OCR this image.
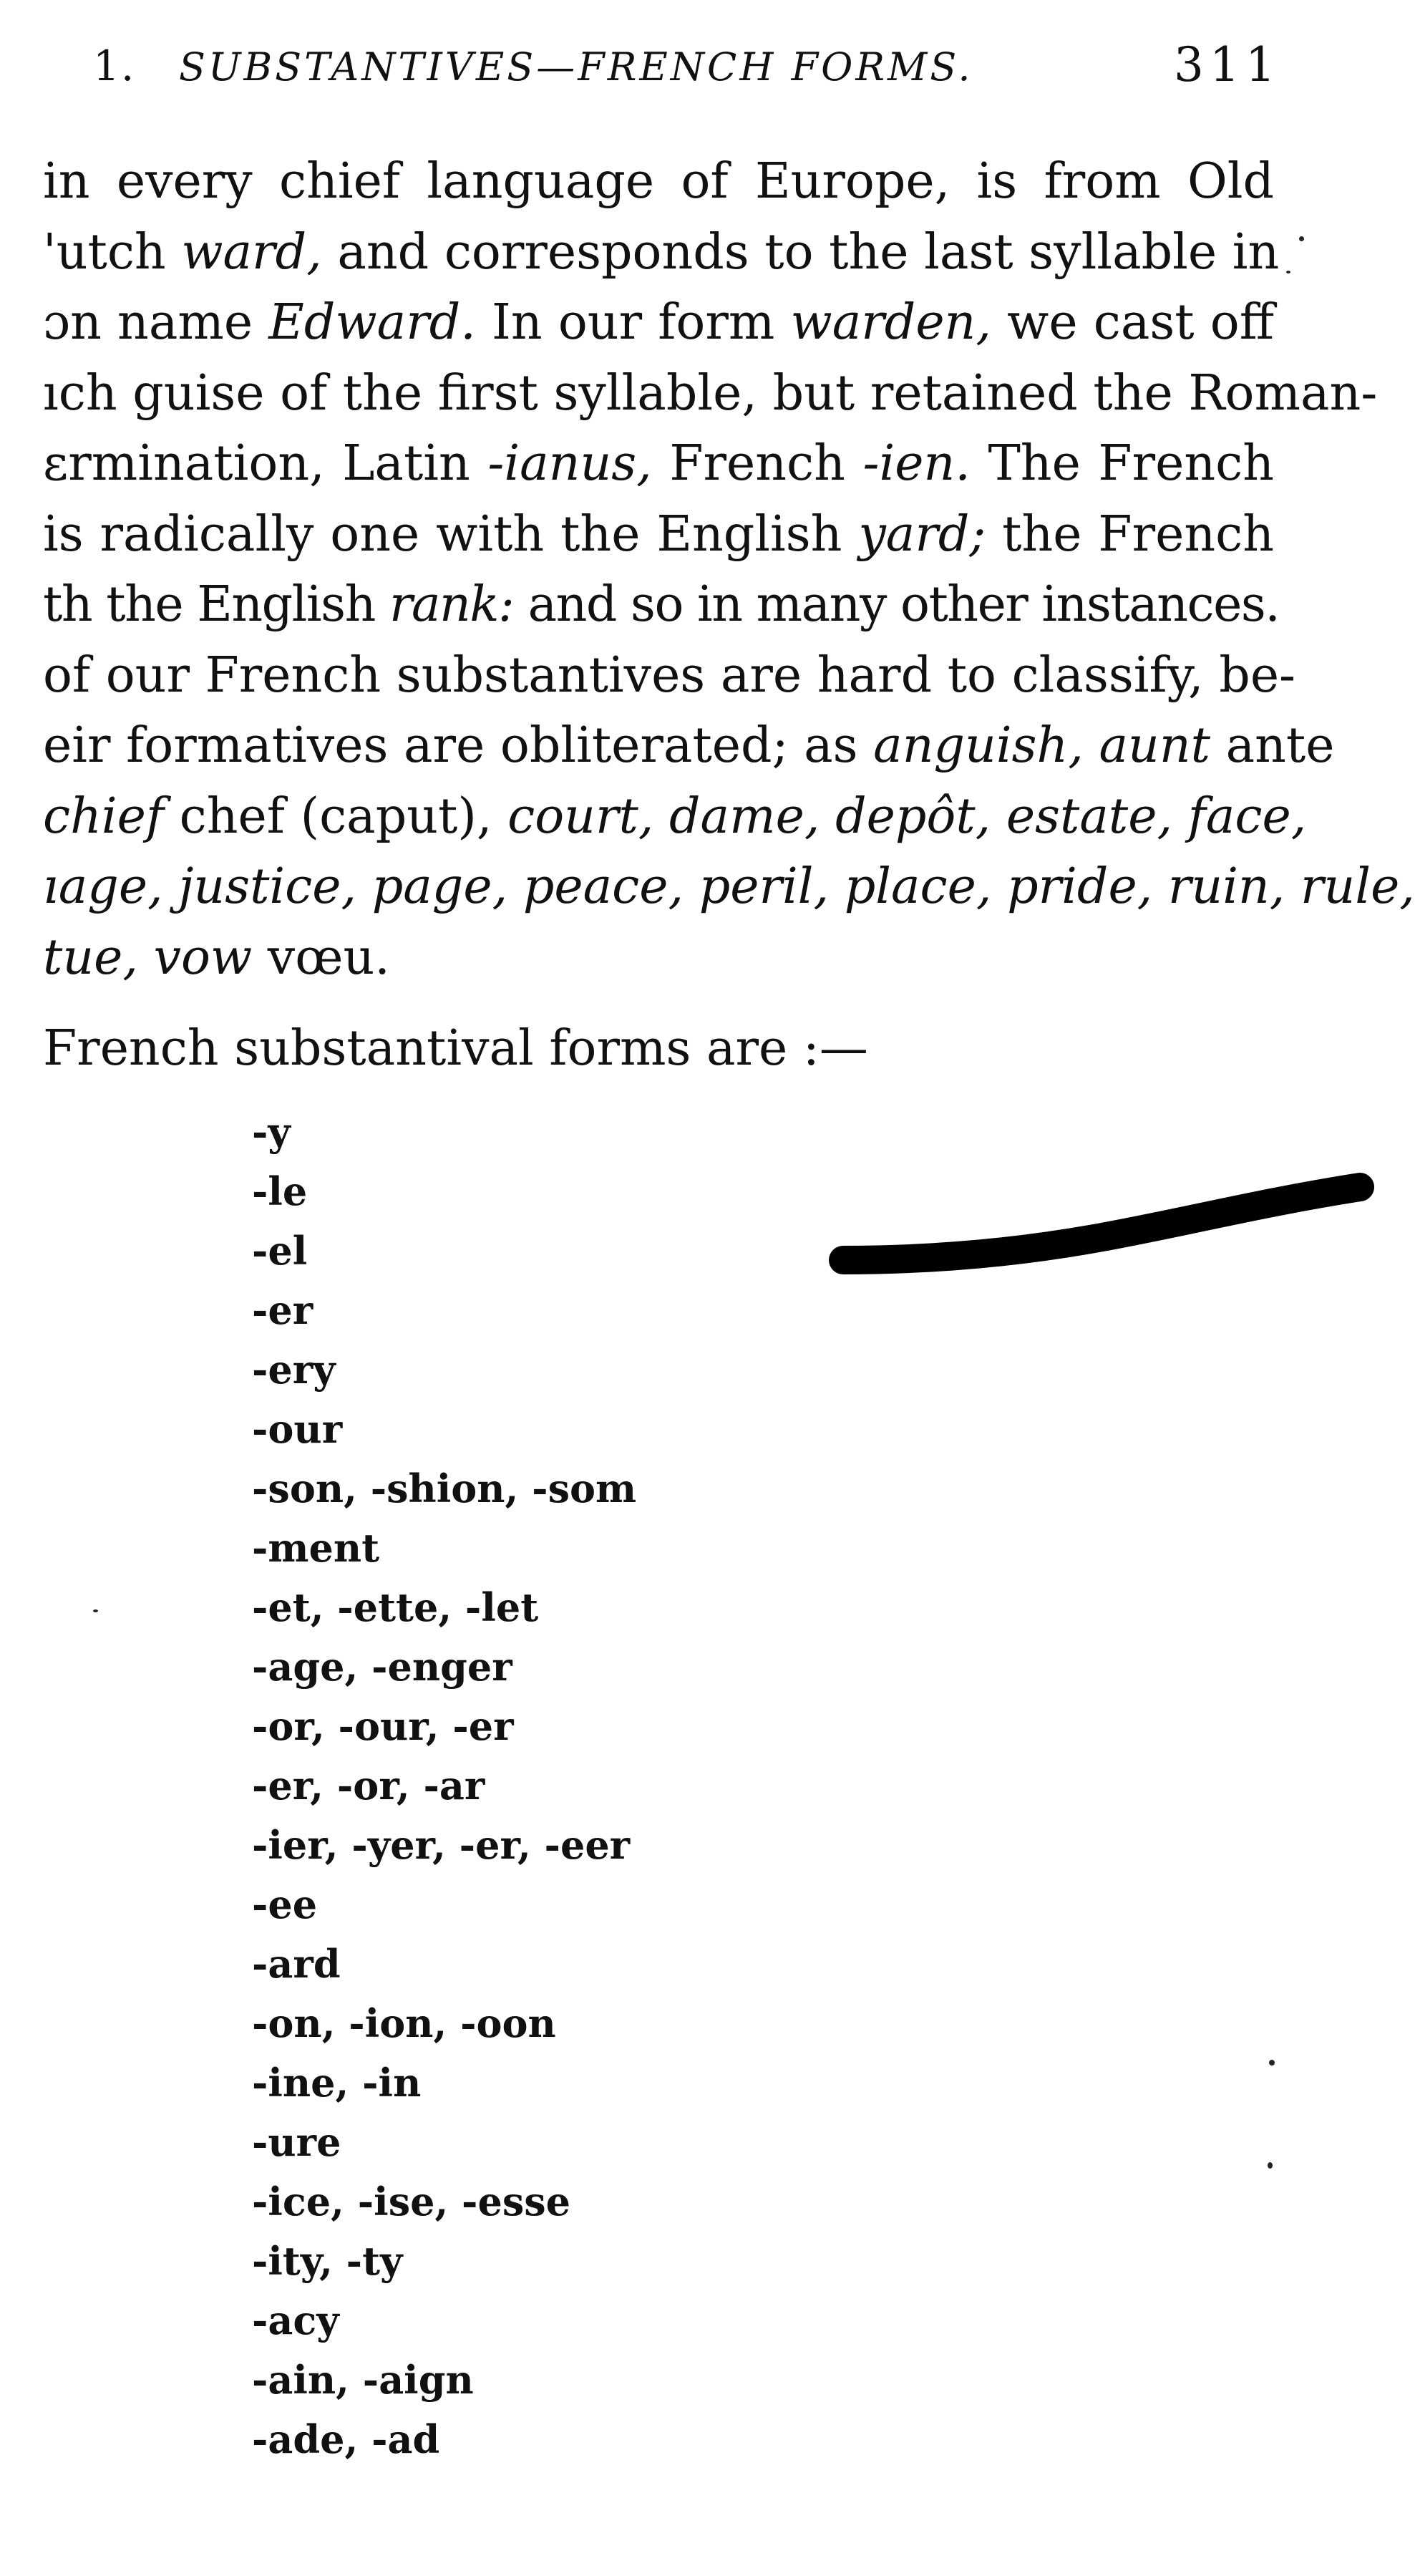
1. SUBSTANTIVES—FRENCH FORMS.	311
in every chief language of Europe, is from Old
'utch ward, and corresponds to the last syllable in
ɔn name Edward. In our form warden, we cast off
ıch guise of the first syllable, but retained the Roman-
ɛrmination, Latin -ianus, French -ien. The French
is radically one with the English yard; the French
th the English rank: and so in many other instances.
of our French substantives are hard to classify, be-
eir formatives are obliterated; as anguish, aunt ante
chief chef (caput), court, dame, depôt, estate, face,
ıage, justice, page, peace, peril, place, pride, ruin, rule,
tue, vow vœu.
Ϝrench substantival forms are :—
-y
-le
-el
-er
-ery
-our
-son, -shion, -som
-ment
-et, -ette, -let
-age, -enger
-or, -our, -er
-er, -or, -ar
-ier, -yer, -er, -eer
-ee
-ard
-on, -ion, -oon
-ine, -in
-ure
-ice, -ise, -esse
-ity, -ty
-acy
-ain, -aign
-ade, -ad
